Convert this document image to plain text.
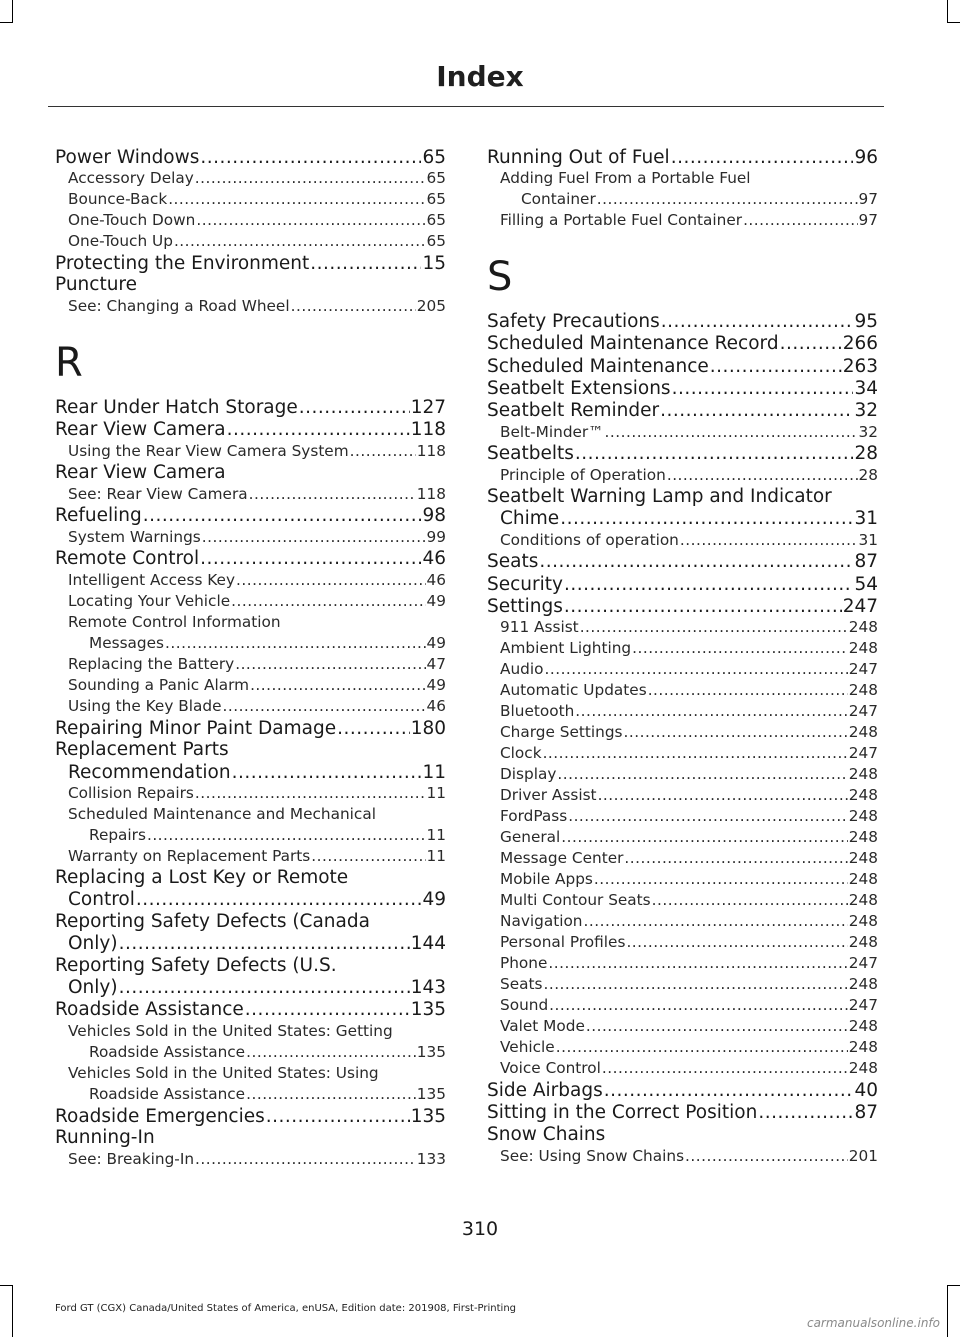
Index
Power Windows .....	65
Accessory Delay .....	65
Bounce-Back .....	65
One-Touch Down .....	65
One-Touch Up .....	65
Protecting the Environment .....	15
Puncture
See: Changing a Road Wheel .....	205
R
Rear Under Hatch Storage .....	127
Rear View Camera .....	118
Using the Rear View Camera System .....	118
Rear View Camera
See: Rear View Camera .....	118
Refueling .....	98
System Warnings .....	99
Remote Control .....	46
Intelligent Access Key .....	46
Locating Your Vehicle .....	49
Remote Control Information
Messages .....	49
Replacing the Battery .....	47
Sounding a Panic Alarm .....	49
Using the Key Blade .....	46
Repairing Minor Paint Damage .....	180
Replacement Parts
Recommendation .....	11
Collision Repairs .....	11
Scheduled Maintenance and Mechanical
Repairs .....	11
Warranty on Replacement Parts .....	11
Replacing a Lost Key or Remote
Control .....	49
Reporting Safety Defects (Canada
Only) .....	144
Reporting Safety Defects (U.S.
Only) .....	143
Roadside Assistance .....	135
Vehicles Sold in the United States: Getting
Roadside Assistance .....	135
Vehicles Sold in the United States: Using
Roadside Assistance .....	135
Roadside Emergencies .....	135
Running-In
See: Breaking-In .....	133
Running Out of Fuel .....	96
Adding Fuel From a Portable Fuel
Container .....	97
Filling a Portable Fuel Container .....	97
S
Safety Precautions .....	95
Scheduled Maintenance Record .....	266
Scheduled Maintenance .....	263
Seatbelt Extensions .....	34
Seatbelt Reminder .....	32
Belt-Minder™ .....	32
Seatbelts .....	28
Principle of Operation .....	28
Seatbelt Warning Lamp and Indicator
Chime .....	31
Conditions of operation .....	31
Seats .....	87
Security .....	54
Settings .....	247
911 Assist .....	248
Ambient Lighting .....	248
Audio .....	247
Automatic Updates .....	248
Bluetooth .....	247
Charge Settings .....	248
Clock .....	247
Display .....	248
Driver Assist .....	248
FordPass .....	248
General .....	248
Message Center .....	248
Mobile Apps .....	248
Multi Contour Seats .....	248
Navigation .....	248
Personal Profiles .....	248
Phone .....	247
Seats .....	248
Sound .....	247
Valet Mode .....	248
Vehicle .....	248
Voice Control .....	248
Side Airbags .....	40
Sitting in the Correct Position .....	87
Snow Chains
See: Using Snow Chains .....	201
310
Ford GT (CGX) Canada/United States of America, enUSA, Edition date: 201908, First-Printing
carmanualsonline.info
